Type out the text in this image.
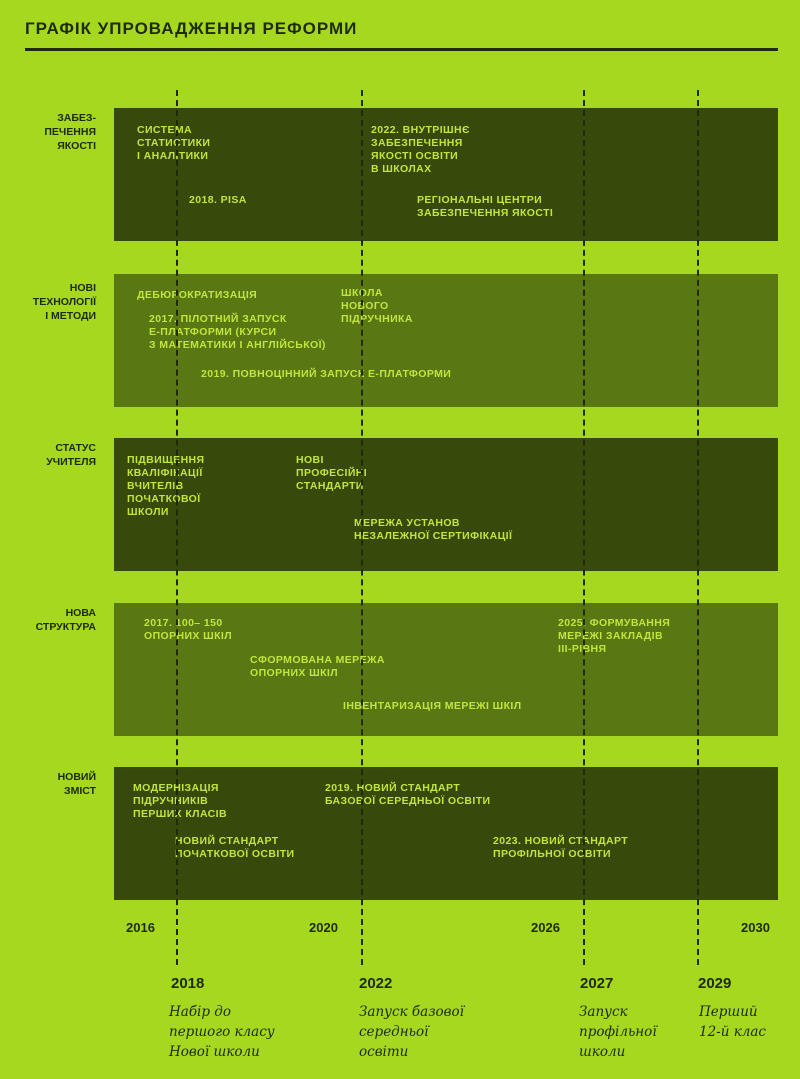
ГРАФІК УПРОВАДЖЕННЯ РЕФОРМИ
ЗАБЕЗ-
ПЕЧЕННЯ
ЯКОСТІ
НОВІ
ТЕХНОЛОГІЇ
І МЕТОДИ
СТАТУС
УЧИТЕЛЯ
НОВА
СТРУКТУРА
НОВИЙ
ЗМІСТ
СИСТЕМА
СТАТИСТИКИ
І АНАЛІТИКИ
2018. PISA
2022. ВНУТРІШНЄ
ЗАБЕЗПЕЧЕННЯ
ЯКОСТІ ОСВІТИ
В ШКОЛАХ
РЕГІОНАЛЬНІ ЦЕНТРИ
ЗАБЕЗПЕЧЕННЯ ЯКОСТІ
ДЕБЮРОКРАТИЗАЦІЯ	ШКОЛА
НОВОГО
ПІДРУЧНИКА
2017. ПІЛОТНИЙ ЗАПУСК
Е-ПЛАТФОРМИ (КУРСИ
З МАТЕМАТИКИ І АНГЛІЙСЬКОЇ)
2019. ПОВНОЦІННИЙ ЗАПУСК Е-ПЛАТФОРМИ
ПІДВИЩЕННЯ
КВАЛІФІКАЦІЇ
ВЧИТЕЛІВ
ПОЧАТКОВОЇ
ШКОЛИ
НОВІ
ПРОФЕСІЙНІ
СТАНДАРТИ
МЕРЕЖА УСТАНОВ
НЕЗАЛЕЖНОЇ СЕРТИФІКАЦІЇ
2017. 100– 150
ОПОРНИХ ШКІЛ
2025. ФОРМУВАННЯ
МЕРЕЖІ ЗАКЛАДІВ
ІІІ-РІВНЯ
СФОРМОВАНА МЕРЕЖА
ОПОРНИХ ШКІЛ
ІНВЕНТАРИЗАЦІЯ МЕРЕЖІ ШКІЛ
МОДЕРНІЗАЦІЯ
ПІДРУЧНИКІВ
ПЕРШИХ КЛАСІВ
2019. НОВИЙ СТАНДАРТ
БАЗОВОЇ СЕРЕДНЬОЇ ОСВІТИ
НОВИЙ СТАНДАРТ
ПОЧАТКОВОЇ ОСВІТИ
2023. НОВИЙ СТАНДАРТ
ПРОФІЛЬНОЇ ОСВІТИ
2016	2020	2026	2030
2018
Набір до
першого класу
Нової школи
2022
Запуск базової
середньої
освіти
2027
Запуск
профільної
школи
2029
Перший
12-й клас
